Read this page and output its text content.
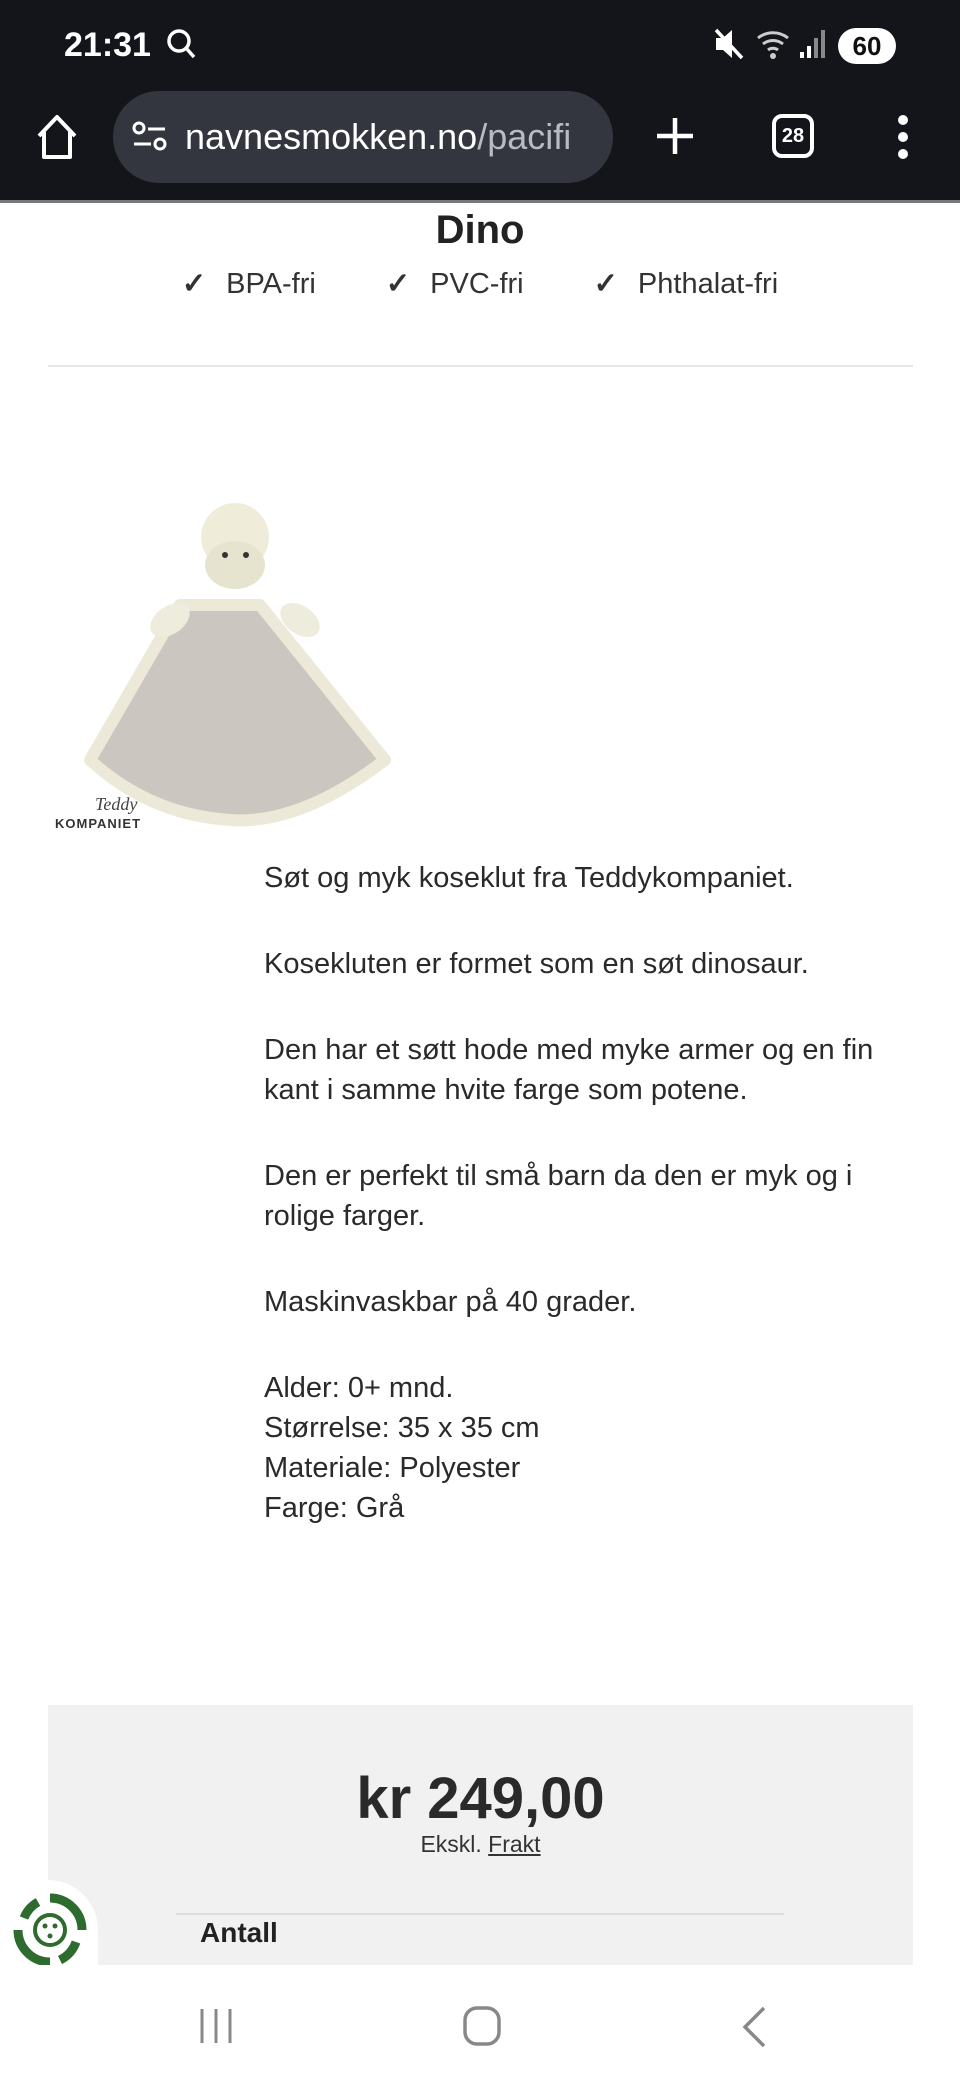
21:31	60
navnesmokken.no/pacifi	28
Dino
✓ BPA-fri ✓ PVC-fri ✓ Phthalat-fri
Teddy
KOMPANIET

Søt og myk koseklut fra Teddykompaniet.

Kosekluten er formet som en søt dinosaur.

Den har et søtt hode med myke armer og en fin kant i samme hvite farge som potene.

Den er perfekt til små barn da den er myk og i rolige farger.

Maskinvaskbar på 40 grader.

Alder: 0+ mnd.
Størrelse: 35 x 35 cm
Materiale: Polyester
Farge: Grå
kr 249,00
Ekskl. Frakt
Antall
